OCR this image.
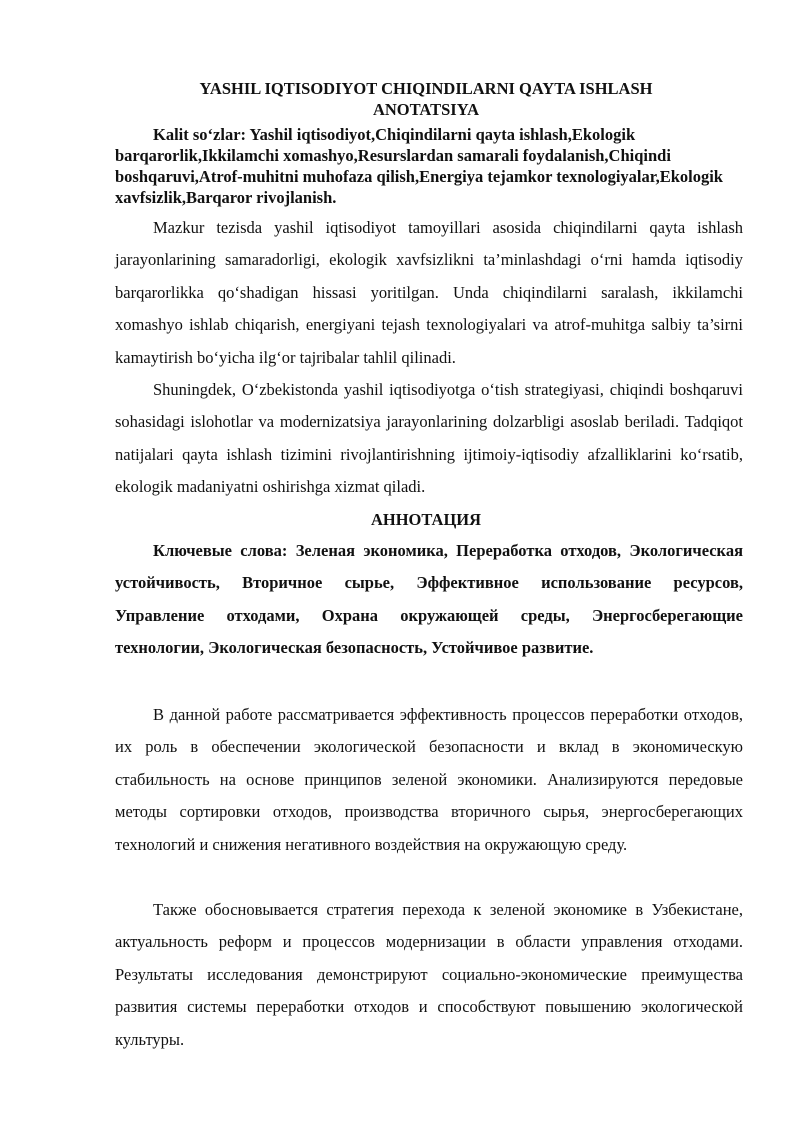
YASHIL IQTISODIYOT CHIQINDILARNI QAYTA ISHLASH
ANOTATSIYA
Kalit so‘zlar: Yashil iqtisodiyot,Chiqindilarni qayta ishlash,Ekologik barqarorlik,Ikkilamchi xomashyo,Resurslardan samarali foydalanish,Chiqindi boshqaruvi,Atrof-muhitni muhofaza qilish,Energiya tejamkor texnologiyalar,Ekologik xavfsizlik,Barqaror rivojlanish.
Mazkur tezisda yashil iqtisodiyot tamoyillari asosida chiqindilarni qayta ishlash jarayonlarining samaradorligi, ekologik xavfsizlikni ta’minlashdagi o‘rni hamda iqtisodiy barqarorlikka qo‘shadigan hissasi yoritilgan. Unda chiqindilarni saralash, ikkilamchi xomashyo ishlab chiqarish, energiyani tejash texnologiyalari va atrof-muhitga salbiy ta’sirni kamaytirish bo‘yicha ilg‘or tajribalar tahlil qilinadi.
Shuningdek, O‘zbekistonda yashil iqtisodiyotga o‘tish strategiyasi, chiqindi boshqaruvi sohasidagi islohotlar va modernizatsiya jarayonlarining dolzarbligi asoslab beriladi. Tadqiqot natijalari qayta ishlash tizimini rivojlantirishning ijtimoiy-iqtisodiy afzalliklarini ko‘rsatib, ekologik madaniyatni oshirishga xizmat qiladi.
АННОТАЦИЯ
Ключевые слова: Зеленая экономика, Переработка отходов, Экологическая устойчивость, Вторичное сырье, Эффективное использование ресурсов, Управление отходами, Охрана окружающей среды, Энергосберегающие технологии, Экологическая безопасность, Устойчивое развитие.
В данной работе рассматривается эффективность процессов переработки отходов, их роль в обеспечении экологической безопасности и вклад в экономическую стабильность на основе принципов зеленой экономики. Анализируются передовые методы сортировки отходов, производства вторичного сырья, энергосберегающих технологий и снижения негативного воздействия на окружающую среду.
Также обосновывается стратегия перехода к зеленой экономике в Узбекистане, актуальность реформ и процессов модернизации в области управления отходами. Результаты исследования демонстрируют социально-экономические преимущества развития системы переработки отходов и способствуют повышению экологической культуры.
